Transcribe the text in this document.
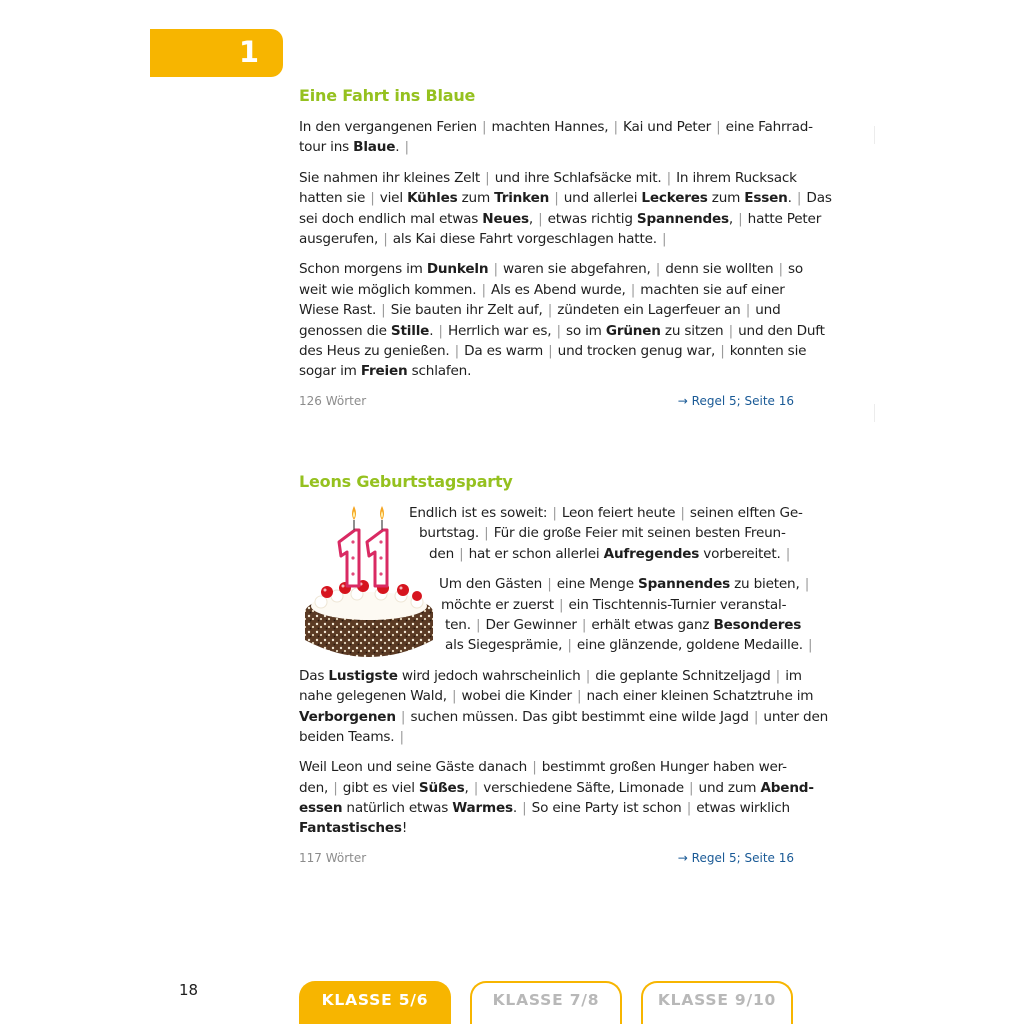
1
Eine Fahrt ins Blaue
In den vergangenen Ferien | machten Hannes, | Kai und Peter | eine Fahrrad-
tour ins Blaue. |
Sie nahmen ihr kleines Zelt | und ihre Schlafsäcke mit. | In ihrem Rucksack
hatten sie | viel Kühles zum Trinken | und allerlei Leckeres zum Essen. | Das
sei doch endlich mal etwas Neues, | etwas richtig Spannendes, | hatte Peter
ausgerufen, | als Kai diese Fahrt vorgeschlagen hatte. |
Schon morgens im Dunkeln | waren sie abgefahren, | denn sie wollten | so
weit wie möglich kommen. | Als es Abend wurde, | machten sie auf einer
Wiese Rast. | Sie bauten ihr Zelt auf, | zündeten ein Lagerfeuer an | und
genossen die Stille. | Herrlich war es, | so im Grünen zu sitzen | und den Duft
des Heus zu genießen. | Da es warm | und trocken genug war, | konnten sie
sogar im Freien schlafen.
126 Wörter	→ Regel 5; Seite 16
Leons Geburtstagsparty
Endlich ist es soweit: | Leon feiert heute | seinen elften Ge-
burtstag. | Für die große Feier mit seinen besten Freun-
den | hat er schon allerlei Aufregendes vorbereitet. |
Um den Gästen | eine Menge Spannendes zu bieten, |
möchte er zuerst | ein Tischtennis-Turnier veranstal-
ten. | Der Gewinner | erhält etwas ganz Besonderes
als Siegesprämie, | eine glänzende, goldene Medaille. |
Das Lustigste wird jedoch wahrscheinlich | die geplante Schnitzeljagd | im
nahe gelegenen Wald, | wobei die Kinder | nach einer kleinen Schatztruhe im
Verborgenen | suchen müssen. Das gibt bestimmt eine wilde Jagd | unter den
beiden Teams. |
Weil Leon und seine Gäste danach | bestimmt großen Hunger haben wer-
den, | gibt es viel Süßes, | verschiedene Säfte, Limonade | und zum Abend-
essen natürlich etwas Warmes. | So eine Party ist schon | etwas wirklich
Fantastisches!
117 Wörter	→ Regel 5; Seite 16
18
KLASSE 5/6	KLASSE 7/8	KLASSE 9/10
